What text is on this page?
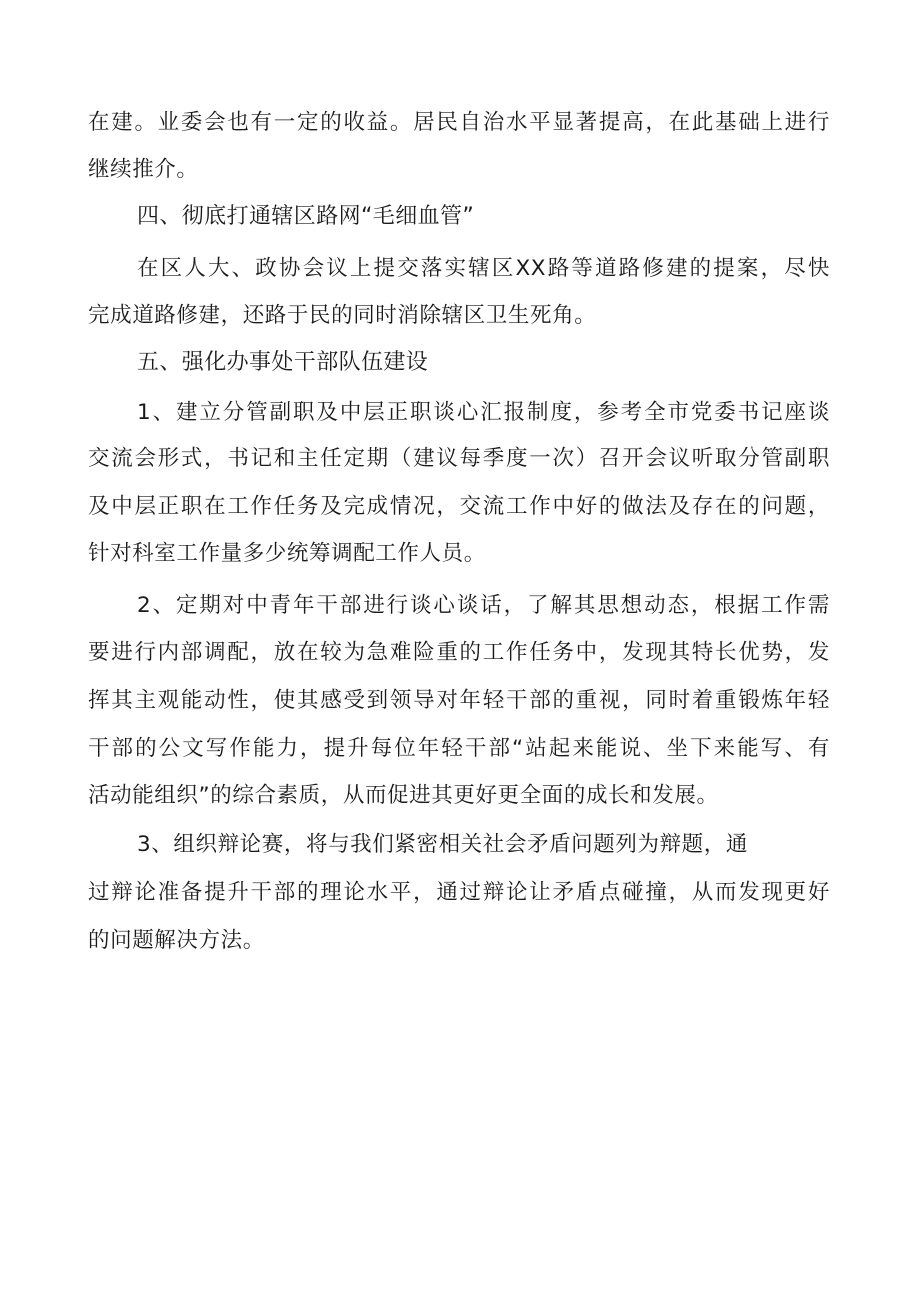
在建。业委会也有一定的收益。居民自治水平显著提高，在此基础上进行
继续推介。
四、彻底打通辖区路网“毛细血管”
在区人大、政协会议上提交落实辖区XX路等道路修建的提案，尽快
完成道路修建，还路于民的同时消除辖区卫生死角。
五、强化办事处干部队伍建设
1、建立分管副职及中层正职谈心汇报制度，参考全市党委书记座谈
交流会形式，书记和主任定期（建议每季度一次）召开会议听取分管副职
及中层正职在工作任务及完成情况，交流工作中好的做法及存在的问题，
针对科室工作量多少统筹调配工作人员。
2、定期对中青年干部进行谈心谈话，了解其思想动态，根据工作需
要进行内部调配，放在较为急难险重的工作任务中，发现其特长优势，发
挥其主观能动性，使其感受到领导对年轻干部的重视，同时着重锻炼年轻
干部的公文写作能力，提升每位年轻干部“站起来能说、坐下来能写、有
活动能组织”的综合素质，从而促进其更好更全面的成长和发展。
3、组织辩论赛，将与我们紧密相关社会矛盾问题列为辩题，通
过辩论准备提升干部的理论水平，通过辩论让矛盾点碰撞，从而发现更好
的问题解决方法。
